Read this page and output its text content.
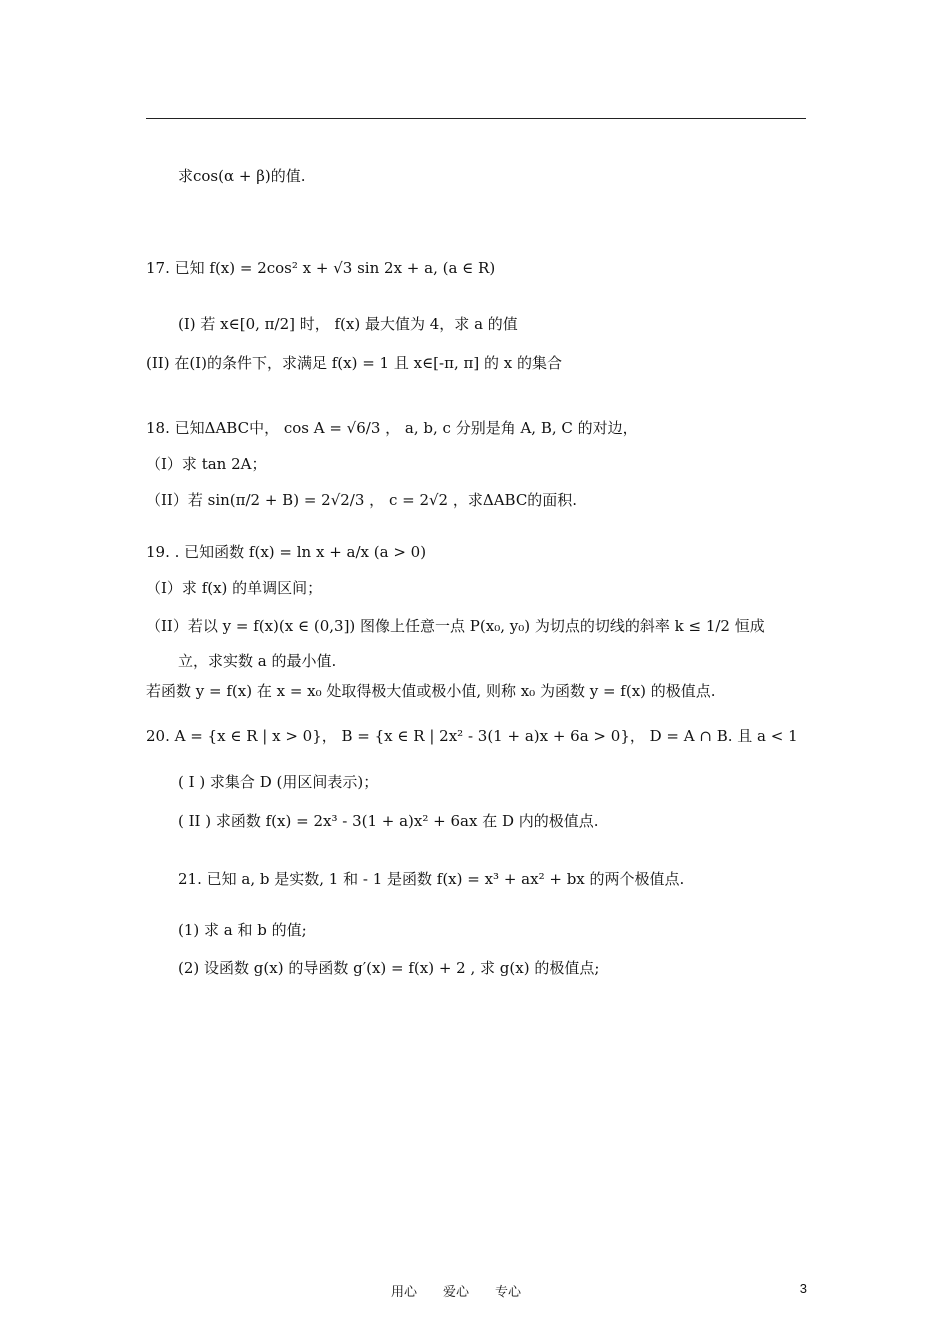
求cos(α + β)的值.
17. 已知 f(x) = 2cos² x + √3 sin 2x + a, (a ∈ R)
(I) 若 x∈[0, π/2] 时， f(x) 最大值为 4，求 a 的值
(II) 在(I)的条件下，求满足 f(x) = 1 且 x∈[-π, π] 的 x 的集合
18. 已知ΔABC中， cos A = √6/3 ， a, b, c 分别是角 A, B, C 的对边，
（I）求 tan 2A；
（II）若 sin(π/2 + B) = 2√2/3 ， c = 2√2 ，求ΔABC的面积.
19. . 已知函数 f(x) = ln x + a/x (a > 0)
（I）求 f(x) 的单调区间；
（II）若以 y = f(x)(x ∈ (0,3]) 图像上任意一点 P(x₀, y₀) 为切点的切线的斜率 k ≤ 1/2 恒成
立，求实数 a 的最小值.
若函数 y = f(x) 在 x = x₀ 处取得极大值或极小值, 则称 x₀ 为函数 y = f(x) 的极值点.
20. A = {x ∈ R | x > 0}， B = {x ∈ R | 2x² - 3(1 + a)x + 6a > 0}， D = A ∩ B. 且 a < 1
( I ) 求集合 D (用区间表示)；
( II ) 求函数 f(x) = 2x³ - 3(1 + a)x² + 6ax 在 D 内的极值点.
21. 已知 a, b 是实数, 1 和 - 1 是函数 f(x) = x³ + ax² + bx 的两个极值点.
(1) 求 a 和 b 的值;
(2) 设函数 g(x) 的导函数 g′(x) = f(x) + 2 , 求 g(x) 的极值点;
用心　　爱心　　专心	3
